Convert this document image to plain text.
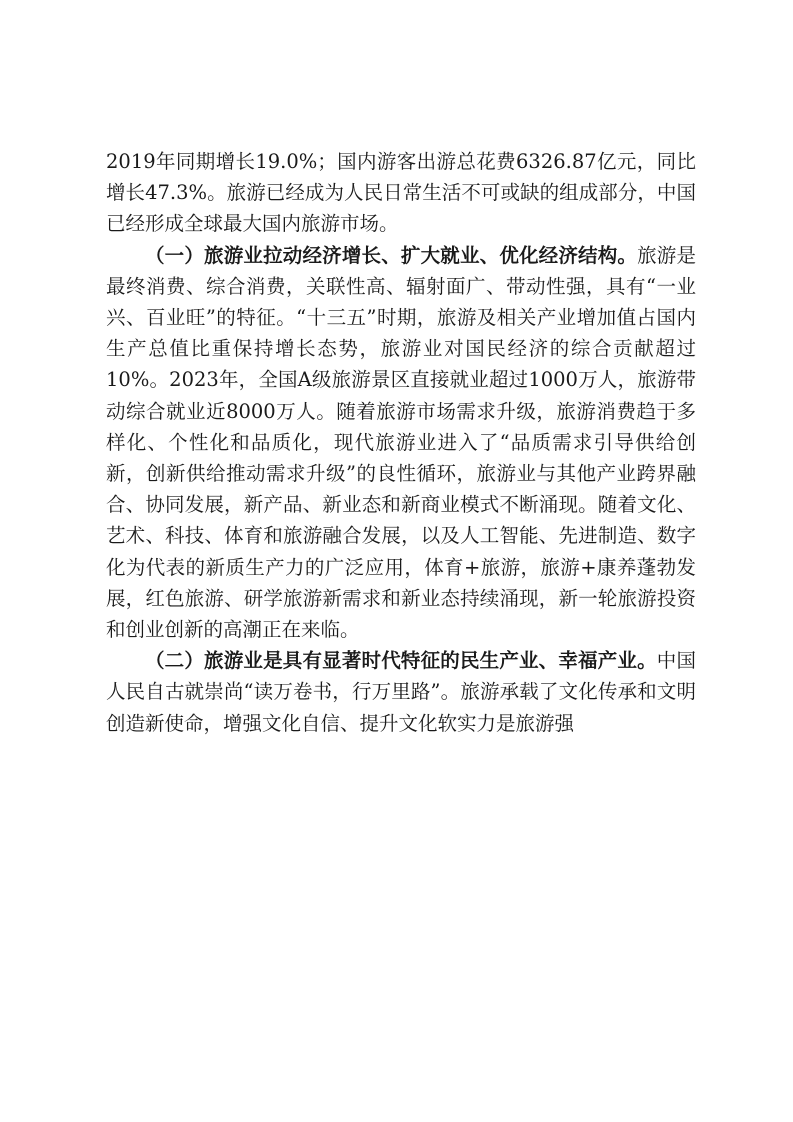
2019年同期增长19.0%；国内游客出游总花费6326.87亿元，同比增长47.3%。旅游已经成为人民日常生活不可或缺的组成部分，中国已经形成全球最大国内旅游市场。

（一）旅游业拉动经济增长、扩大就业、优化经济结构。旅游是最终消费、综合消费，关联性高、辐射面广、带动性强，具有“一业兴、百业旺”的特征。“十三五”时期，旅游及相关产业增加值占国内生产总值比重保持增长态势，旅游业对国民经济的综合贡献超过10%。2023年，全国A级旅游景区直接就业超过1000万人，旅游带动综合就业近8000万人。随着旅游市场需求升级，旅游消费趋于多样化、个性化和品质化，现代旅游业进入了“品质需求引导供给创新，创新供给推动需求升级”的良性循环，旅游业与其他产业跨界融合、协同发展，新产品、新业态和新商业模式不断涌现。随着文化、艺术、科技、体育和旅游融合发展，以及人工智能、先进制造、数字化为代表的新质生产力的广泛应用，体育+旅游，旅游+康养蓬勃发展，红色旅游、研学旅游新需求和新业态持续涌现，新一轮旅游投资和创业创新的高潮正在来临。

（二）旅游业是具有显著时代特征的民生产业、幸福产业。中国人民自古就崇尚“读万卷书，行万里路”。旅游承载了文化传承和文明创造新使命，增强文化自信、提升文化软实力是旅游强
